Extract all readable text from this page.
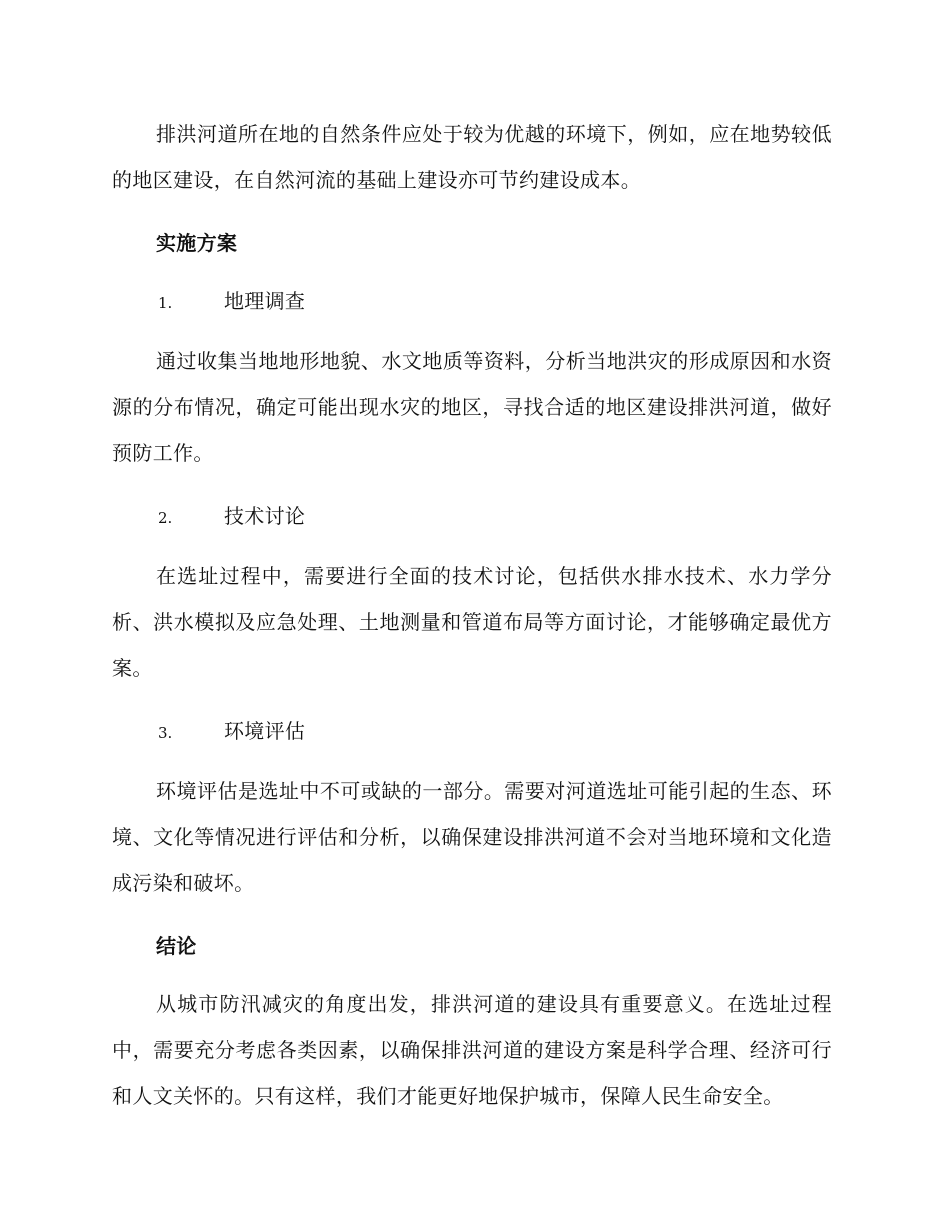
排洪河道所在地的自然条件应处于较为优越的环境下，例如，应在地势较低的地区建设，在自然河流的基础上建设亦可节约建设成本。

实施方案
1.	地理调查

通过收集当地地形地貌、水文地质等资料，分析当地洪灾的形成原因和水资源的分布情况，确定可能出现水灾的地区，寻找合适的地区建设排洪河道，做好预防工作。

2.	技术讨论

在选址过程中，需要进行全面的技术讨论，包括供水排水技术、水力学分析、洪水模拟及应急处理、土地测量和管道布局等方面讨论，才能够确定最优方案。

3.	环境评估

环境评估是选址中不可或缺的一部分。需要对河道选址可能引起的生态、环境、文化等情况进行评估和分析，以确保建设排洪河道不会对当地环境和文化造成污染和破坏。

结论

从城市防汛减灾的角度出发，排洪河道的建设具有重要意义。在选址过程中，需要充分考虑各类因素，以确保排洪河道的建设方案是科学合理、经济可行和人文关怀的。只有这样，我们才能更好地保护城市，保障人民生命安全。
